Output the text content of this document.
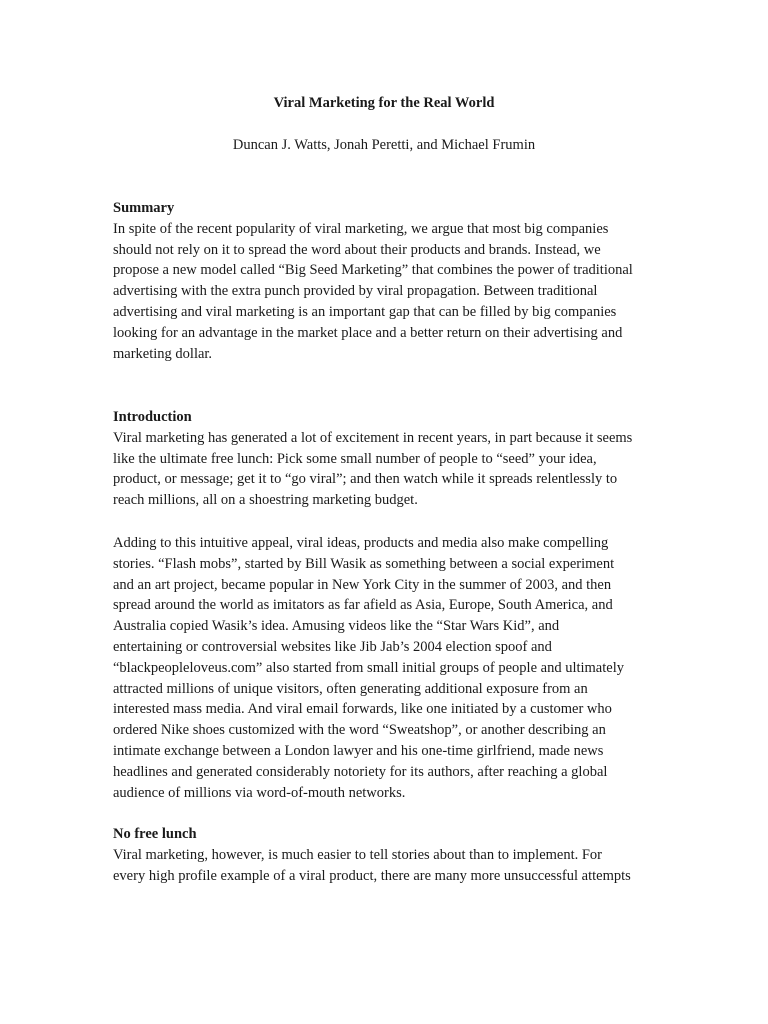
Viral Marketing for the Real World
Duncan J. Watts, Jonah Peretti, and Michael Frumin
Summary
In spite of the recent popularity of viral marketing, we argue that most big companies
should not rely on it to spread the word about their products and brands. Instead, we
propose a new model called “Big Seed Marketing” that combines the power of traditional
advertising with the extra punch provided by viral propagation. Between traditional
advertising and viral marketing is an important gap that can be filled by big companies
looking for an advantage in the market place and a better return on their advertising and
marketing dollar.
Introduction
Viral marketing has generated a lot of excitement in recent years, in part because it seems
like the ultimate free lunch: Pick some small number of people to “seed” your idea,
product, or message; get it to “go viral”; and then watch while it spreads relentlessly to
reach millions, all on a shoestring marketing budget.
Adding to this intuitive appeal, viral ideas, products and media also make compelling
stories. “Flash mobs”, started by Bill Wasik as something between a social experiment
and an art project, became popular in New York City in the summer of 2003, and then
spread around the world as imitators as far afield as Asia, Europe, South America, and
Australia copied Wasik’s idea. Amusing videos like the “Star Wars Kid”, and
entertaining or controversial websites like Jib Jab’s 2004 election spoof and
“blackpeopleloveus.com” also started from small initial groups of people and ultimately
attracted millions of unique visitors, often generating additional exposure from an
interested mass media. And viral email forwards, like one initiated by a customer who
ordered Nike shoes customized with the word “Sweatshop”, or another describing an
intimate exchange between a London lawyer and his one-time girlfriend, made news
headlines and generated considerably notoriety for its authors, after reaching a global
audience of millions via word-of-mouth networks.
No free lunch
Viral marketing, however, is much easier to tell stories about than to implement. For
every high profile example of a viral product, there are many more unsuccessful attempts
